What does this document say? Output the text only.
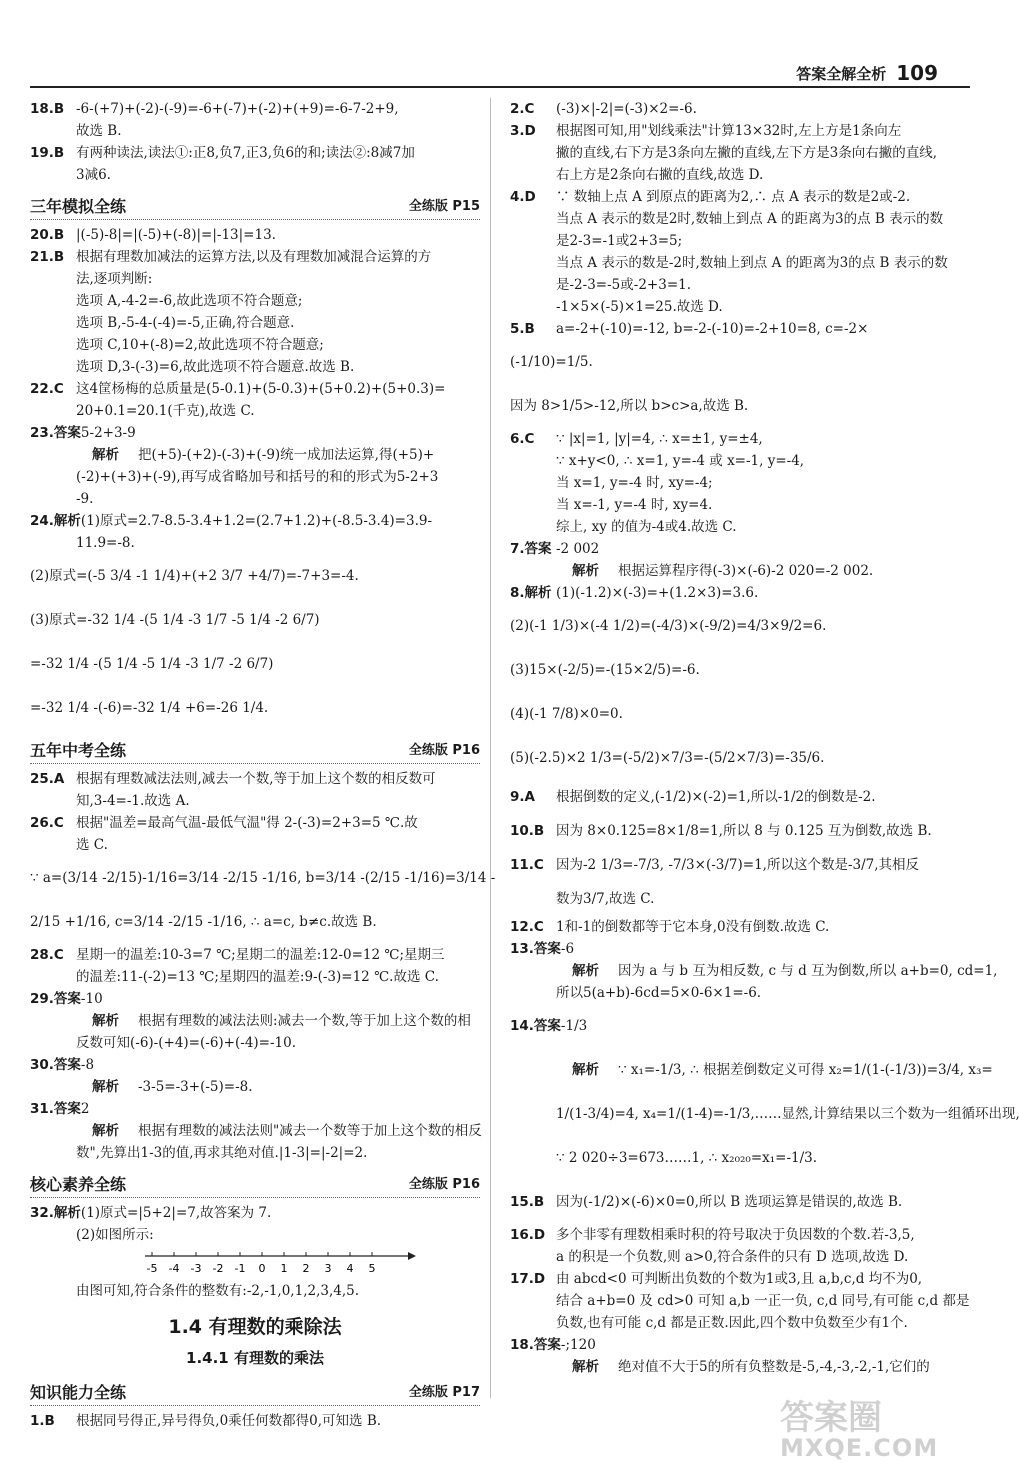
答案全解全析 109
18.B -6-(+7)+(-2)-(-9)=-6+(-7)+(-2)+(+9)=-6-7-2+9,
故选 B.
19.B 有两种读法,读法①:正8,负7,正3,负6的和;读法②:8减7加
3减6.
三年模拟全练	全练版 P15
20.B |(-5)-8|=|(-5)+(-8)|=|-13|=13.
21.B 根据有理数加减法的运算方法,以及有理数加减混合运算的方
法,逐项判断:
选项 A,-4-2=-6,故此选项不符合题意;
选项 B,-5-4-(-4)=-5,正确,符合题意.
选项 C,10+(-8)=2,故此选项不符合题意;
选项 D,3-(-3)=6,故此选项不符合题意.故选 B.
22.C 这4筐杨梅的总质量是(5-0.1)+(5-0.3)+(5+0.2)+(5+0.3)=
20+0.1=20.1(千克),故选 C.
23.答案5-2+3-9
解析 把(+5)-(+2)-(-3)+(-9)统一成加法运算,得(+5)+
(-2)+(+3)+(-9),再写成省略加号和括号的和的形式为5-2+3
-9.
24.解析(1)原式=2.7-8.5-3.4+1.2=(2.7+1.2)+(-8.5-3.4)=3.9-
11.9=-8.
(2)原式=(-5 3/4 -1 1/4)+(+2 3/7 +4/7)=-7+3=-4.
(3)原式=-32 1/4 -(5 1/4 -3 1/7 -5 1/4 -2 6/7)
=-32 1/4 -(5 1/4 -5 1/4 -3 1/7 -2 6/7)
=-32 1/4 -(-6)=-32 1/4 +6=-26 1/4.
五年中考全练	全练版 P16
25.A 根据有理数减法法则,减去一个数,等于加上这个数的相反数可
知,3-4=-1.故选 A.
26.C 根据"温差=最高气温-最低气温"得 2-(-3)=2+3=5 ℃.故
选 C.
∵ a=(3/14 -2/15)-1/16=3/14 -2/15 -1/16, b=3/14 -(2/15 -1/16)=3/14 -
2/15 +1/16, c=3/14 -2/15 -1/16, ∴ a=c, b≠c.故选 B.
28.C 星期一的温差:10-3=7 ℃;星期二的温差:12-0=12 ℃;星期三
的温差:11-(-2)=13 ℃;星期四的温差:9-(-3)=12 ℃.故选 C.
29.答案-10
解析 根据有理数的减法法则:减去一个数,等于加上这个数的相
反数可知(-6)-(+4)=(-6)+(-4)=-10.
30.答案-8
解析 -3-5=-3+(-5)=-8.
31.答案2
解析 根据有理数的减法法则"减去一个数等于加上这个数的相反
数",先算出1-3的值,再求其绝对值.|1-3|=|-2|=2.
核心素养全练	全练版 P16
32.解析(1)原式=|5+2|=7,故答案为 7.
(2)如图所示:
-5 -4 -3 -2 -1 0 1 2 3 4 5
由图可知,符合条件的整数有:-2,-1,0,1,2,3,4,5.
1.4 有理数的乘除法
1.4.1 有理数的乘法
知识能力全练	全练版 P17
1.B 根据同号得正,异号得负,0乘任何数都得0,可知选 B.
2.C (-3)×|-2|=(-3)×2=-6.
3.D 根据图可知,用"划线乘法"计算13×32时,左上方是1条向左
撇的直线,右下方是3条向左撇的直线,左下方是3条向右撇的直线,
右上方是2条向右撇的直线,故选 D.
4.D ∵ 数轴上点 A 到原点的距离为2,∴ 点 A 表示的数是2或-2.
当点 A 表示的数是2时,数轴上到点 A 的距离为3的点 B 表示的数
是2-3=-1或2+3=5;
当点 A 表示的数是-2时,数轴上到点 A 的距离为3的点 B 表示的数
是-2-3=-5或-2+3=1.
-1×5×(-5)×1=25.故选 D.
5.B a=-2+(-10)=-12, b=-2-(-10)=-2+10=8, c=-2×
(-1/10)=1/5.
因为 8>1/5>-12,所以 b>c>a,故选 B.
6.C ∵ |x|=1, |y|=4, ∴ x=±1, y=±4,
∵ x+y<0, ∴ x=1, y=-4 或 x=-1, y=-4,
当 x=1, y=-4 时, xy=-4;
当 x=-1, y=-4 时, xy=4.
综上, xy 的值为-4或4.故选 C.
7.答案 -2 002
解析 根据运算程序得(-3)×(-6)-2 020=-2 002.
8.解析 (1)(-1.2)×(-3)=+(1.2×3)=3.6.
(2)(-1 1/3)×(-4 1/2)=(-4/3)×(-9/2)=4/3×9/2=6.
(3)15×(-2/5)=-(15×2/5)=-6.
(4)(-1 7/8)×0=0.
(5)(-2.5)×2 1/3=(-5/2)×7/3=-(5/2×7/3)=-35/6.
9.A 根据倒数的定义,(-1/2)×(-2)=1,所以-1/2的倒数是-2.
10.B 因为 8×0.125=8×1/8=1,所以 8 与 0.125 互为倒数,故选 B.
11.C 因为-2 1/3=-7/3, -7/3×(-3/7)=1,所以这个数是-3/7,其相反
数为3/7,故选 C.
12.C 1和-1的倒数都等于它本身,0没有倒数.故选 C.
13.答案-6
解析 因为 a 与 b 互为相反数, c 与 d 互为倒数,所以 a+b=0, cd=1,
所以5(a+b)-6cd=5×0-6×1=-6.
14.答案-1/3
解析 ∵ x₁=-1/3, ∴ 根据差倒数定义可得 x₂=1/(1-(-1/3))=3/4, x₃=
1/(1-3/4)=4, x₄=1/(1-4)=-1/3,……显然,计算结果以三个数为一组循环出现,
∵ 2 020÷3=673……1, ∴ x₂₀₂₀=x₁=-1/3.
15.B 因为(-1/2)×(-6)×0=0,所以 B 选项运算是错误的,故选 B.
16.D 多个非零有理数相乘时积的符号取决于负因数的个数.若-3,5,
a 的积是一个负数,则 a>0,符合条件的只有 D 选项,故选 D.
17.D 由 abcd<0 可判断出负数的个数为1或3,且 a,b,c,d 均不为0,
结合 a+b=0 及 cd>0 可知 a,b 一正一负, c,d 同号,有可能 c,d 都是
负数,也有可能 c,d 都是正数.因此,四个数中负数至少有1个.
18.答案-;120
解析 绝对值不大于5的所有负整数是-5,-4,-3,-2,-1,它们的
答案圈
MXQE.COM
